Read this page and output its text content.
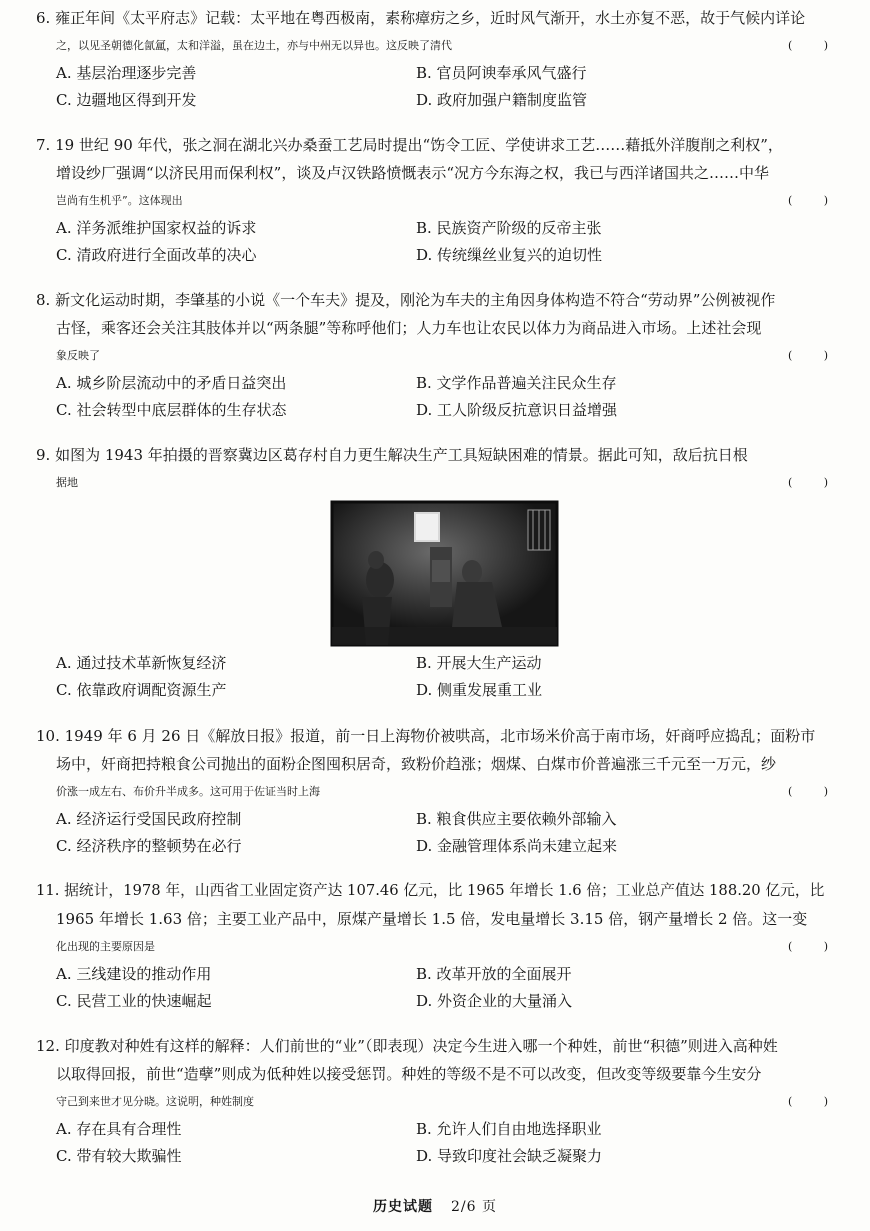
6. 雍正年间《太平府志》记载：太平地在粤西极南，素称瘴疠之乡，近时风气渐开，水土亦复不恶，故于气候内详论
之，以见圣朝德化氤氲，太和洋溢，虽在边土，亦与中州无以异也。这反映了清代	( )
A. 基层治理逐步完善	B. 官员阿谀奉承风气盛行
C. 边疆地区得到开发	D. 政府加强户籍制度监管
7. 19 世纪 90 年代，张之洞在湖北兴办桑蚕工艺局时提出“饬令工匠、学使讲求工艺……藉抵外洋腹削之利权”，
增设纱厂强调“以济民用而保利权”，谈及卢汉铁路愤慨表示“况方今东海之权，我已与西洋诸国共之……中华
岂尚有生机乎”。这体现出	( )
A. 洋务派维护国家权益的诉求	B. 民族资产阶级的反帝主张
C. 清政府进行全面改革的决心	D. 传统缫丝业复兴的迫切性
8. 新文化运动时期，李肇基的小说《一个车夫》提及，刚沦为车夫的主角因身体构造不符合“劳动界”公例被视作
古怪，乘客还会关注其肢体并以“两条腿”等称呼他们；人力车也让农民以体力为商品进入市场。上述社会现
象反映了	( )
A. 城乡阶层流动中的矛盾日益突出	B. 文学作品普遍关注民众生存
C. 社会转型中底层群体的生存状态	D. 工人阶级反抗意识日益增强
9. 如图为 1943 年拍摄的晋察冀边区葛存村自力更生解决生产工具短缺困难的情景。据此可知，敌后抗日根
据地	( )
A. 通过技术革新恢复经济	B. 开展大生产运动
C. 依靠政府调配资源生产	D. 侧重发展重工业
10. 1949 年 6 月 26 日《解放日报》报道，前一日上海物价被哄高，北市场米价高于南市场，奸商呼应捣乱；面粉市
场中，奸商把持粮食公司抛出的面粉企图囤积居奇，致粉价趋涨；烟煤、白煤市价普遍涨三千元至一万元，纱
价涨一成左右、布价升半成多。这可用于佐证当时上海	( )
A. 经济运行受国民政府控制	B. 粮食供应主要依赖外部输入
C. 经济秩序的整顿势在必行	D. 金融管理体系尚未建立起来
11. 据统计，1978 年，山西省工业固定资产达 107.46 亿元，比 1965 年增长 1.6 倍；工业总产值达 188.20 亿元，比
1965 年增长 1.63 倍；主要工业产品中，原煤产量增长 1.5 倍，发电量增长 3.15 倍，钢产量增长 2 倍。这一变
化出现的主要原因是	( )
A. 三线建设的推动作用	B. 改革开放的全面展开
C. 民营工业的快速崛起	D. 外资企业的大量涌入
12. 印度教对种姓有这样的解释：人们前世的“业”（即表现）决定今生进入哪一个种姓，前世“积德”则进入高种姓
以取得回报，前世“造孽”则成为低种姓以接受惩罚。种姓的等级不是不可以改变，但改变等级要靠今生安分
守己到来世才见分晓。这说明，种姓制度	( )
A. 存在具有合理性	B. 允许人们自由地选择职业
C. 带有较大欺骗性	D. 导致印度社会缺乏凝聚力
历史试题 2/6 页
